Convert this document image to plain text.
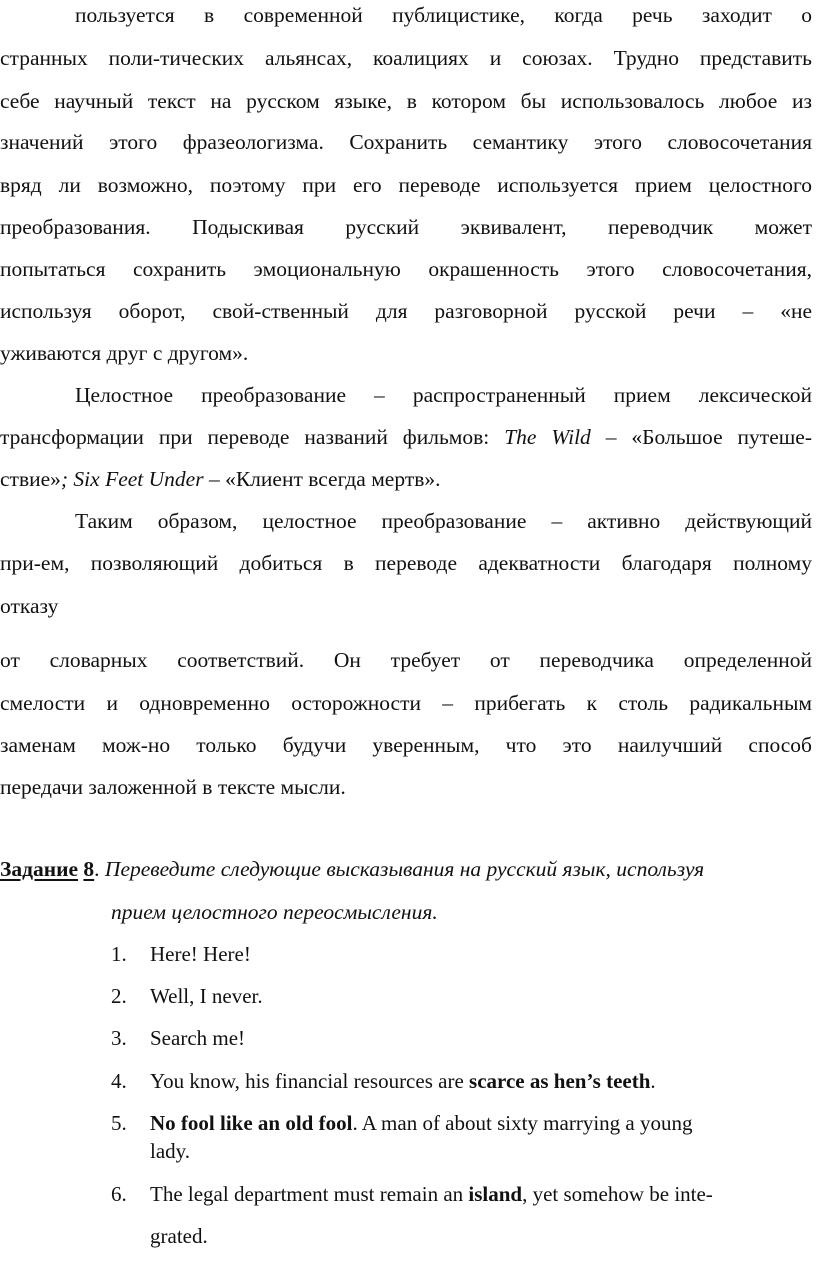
пользуется в современной публицистике, когда речь заходит о
странных поли-тических альянсах, коалициях и союзах. Трудно представить
себе научный текст на русском языке, в котором бы использовалось любое из
значений этого фразеологизма. Сохранить семантику этого словосочетания
вряд ли возможно, поэтому при его переводе используется прием целостного
преобразования. Подыскивая русский эквивалент, переводчик может
попытаться сохранить эмоциональную окрашенность этого словосочетания,
используя оборот, свой-ственный для разговорной русской речи – «не
уживаются друг с другом».
Целостное преобразование – распространенный прием лексической
трансформации при переводе названий фильмов: The Wild – «Большое путеше-
ствие»; Six Feet Under – «Клиент всегда мертв».
Таким образом, целостное преобразование – активно действующий
при-ем, позволяющий добиться в переводе адекватности благодаря полному
отказу
от словарных соответствий. Он требует от переводчика определенной
смелости и одновременно осторожности – прибегать к столь радикальным
заменам мож-но только будучи уверенным, что это наилучший способ
передачи заложенной в тексте мысли.
Задание 8. Переведите следующие высказывания на русский язык, используя
прием целостного переосмысления.
1. Here! Here!
2. Well, I never.
3. Search me!
4. You know, his financial resources are scarce as hen’s teeth.
5. No fool like an old fool. A man of about sixty marrying a young
lady.
6. The legal department must remain an island, yet somehow be inte-
grated.
